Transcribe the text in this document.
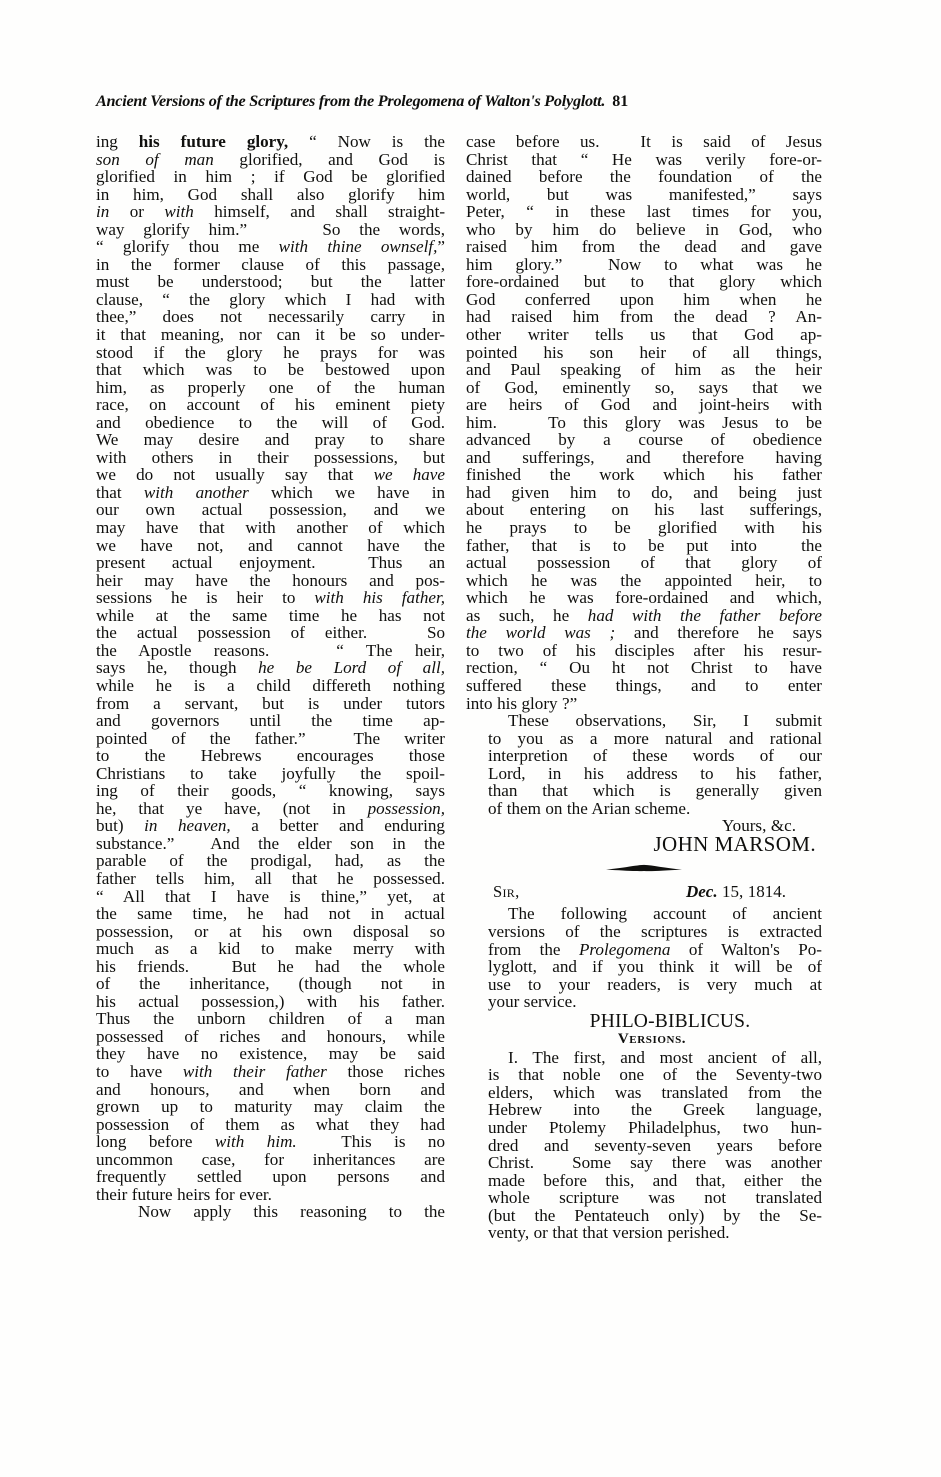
Ancient Versions of the Scriptures from the Prolegomena of Walton's Polyglott. 81

ing his future glory, “ Now is the
son of man glorified, and God is
glorified in him ; if God be glorified
in him, God shall also glorify him
in or with himself, and shall straight-
way glorify him.”    So the words,
“ glorify thou me with thine ownself,”
in the former clause of this passage,
must be understood; but the latter
clause, “ the glory which I had with
thee,” does not necessarily carry in
it that meaning, nor can it be so under-
stood if the glory he prays for was
that which was to be bestowed upon
him, as properly one of the human
race, on account of his eminent piety
and obedience to the will of God.
We may desire and pray to share
with others in their possessions, but
we do not usually say that we have
that with another which we have in
our own actual possession, and we
may have that with another of which
we have not, and cannot have the
present actual enjoyment.  Thus an
heir may have the honours and pos-
sessions he is heir to with his father,
while at the same time he has not
the actual possession of either.   So
the Apostle reasons.   “ The heir,
says he, though he be Lord of all,
while he is a child differeth nothing
from a servant, but is under tutors
and governors until the time ap-
pointed of the father.”  The writer
to the Hebrews encourages those
Christians to take joyfully the spoil-
ing of their goods, “ knowing, says
he, that ye have, (not in possession,
but) in heaven, a better and enduring
substance.”  And the elder son in the
parable of the prodigal, had, as the
father tells him, all that he possessed.
“ All that I have is thine,” yet, at
the same time, he had not in actual
possession, or at his own disposal so
much as a kid to make merry with
his friends.  But he had the whole
of the inheritance, (though not in
his actual possession,) with his father.
Thus the unborn children of a man
possessed of riches and honours, while
they have no existence, may be said
to have with their father those riches
and honours, and when born and
grown up to maturity may claim the
possession of them as what they had
long before with him.  This is no
uncommon case, for inheritances are
frequently settled upon persons and
their future heirs for ever.

Now apply this reasoning to the

case before us.  It is said of Jesus
Christ that “ He was verily fore-or-
dained before the foundation of the
world, but was manifested,” says
Peter, “ in these last times for you,
who by him do believe in God, who
raised him from the dead and gave
him glory.”  Now to what was he
fore-ordained but to that glory which
God conferred upon him when he
had raised him from the dead ? An-
other writer tells us that God ap-
pointed his son heir of all things,
and Paul speaking of him as the heir
of God, eminently so, says that we
are heirs of God and joint-heirs with
him.   To this glory was Jesus to be
advanced by a course of obedience
and sufferings, and therefore having
finished the work which his father
had given him to do, and being just
about entering on his last sufferings,
he prays to be glorified with his
father, that is to be put into  the
actual possession of that glory of
which he was the appointed heir, to
which he was fore-ordained and which,
as such, he had with the father before
the world was ; and therefore he says
to two of his disciples after his resur-
rection, “ Ou ht not Christ to have
suffered these things, and to enter
into his glory ?”

These observations, Sir, I submit
to you as a more natural and rational
interpretion of these words of our
Lord, in his address to his father,
than that which is generally given
of them on the Arian scheme.

Yours, &c.
JOHN MARSOM.
Sir,	Dec. 15, 1814.

The following account of ancient
versions of the scriptures is extracted
from the Prolegomena of Walton's Po-
lyglott, and if you think it will be of
use to your readers, is very much at
your service.

PHILO-BIBLICUS.
Versions.

I. The first, and most ancient of all,
is that noble one of the Seventy-two
elders, which was translated from the
Hebrew into the Greek language,
under Ptolemy Philadelphus, two hun-
dred and seventy-seven years before
Christ.  Some say there was another
made before this, and that, either the
whole scripture was not translated
(but the Pentateuch only) by the Se-
venty, or that that version perished.
